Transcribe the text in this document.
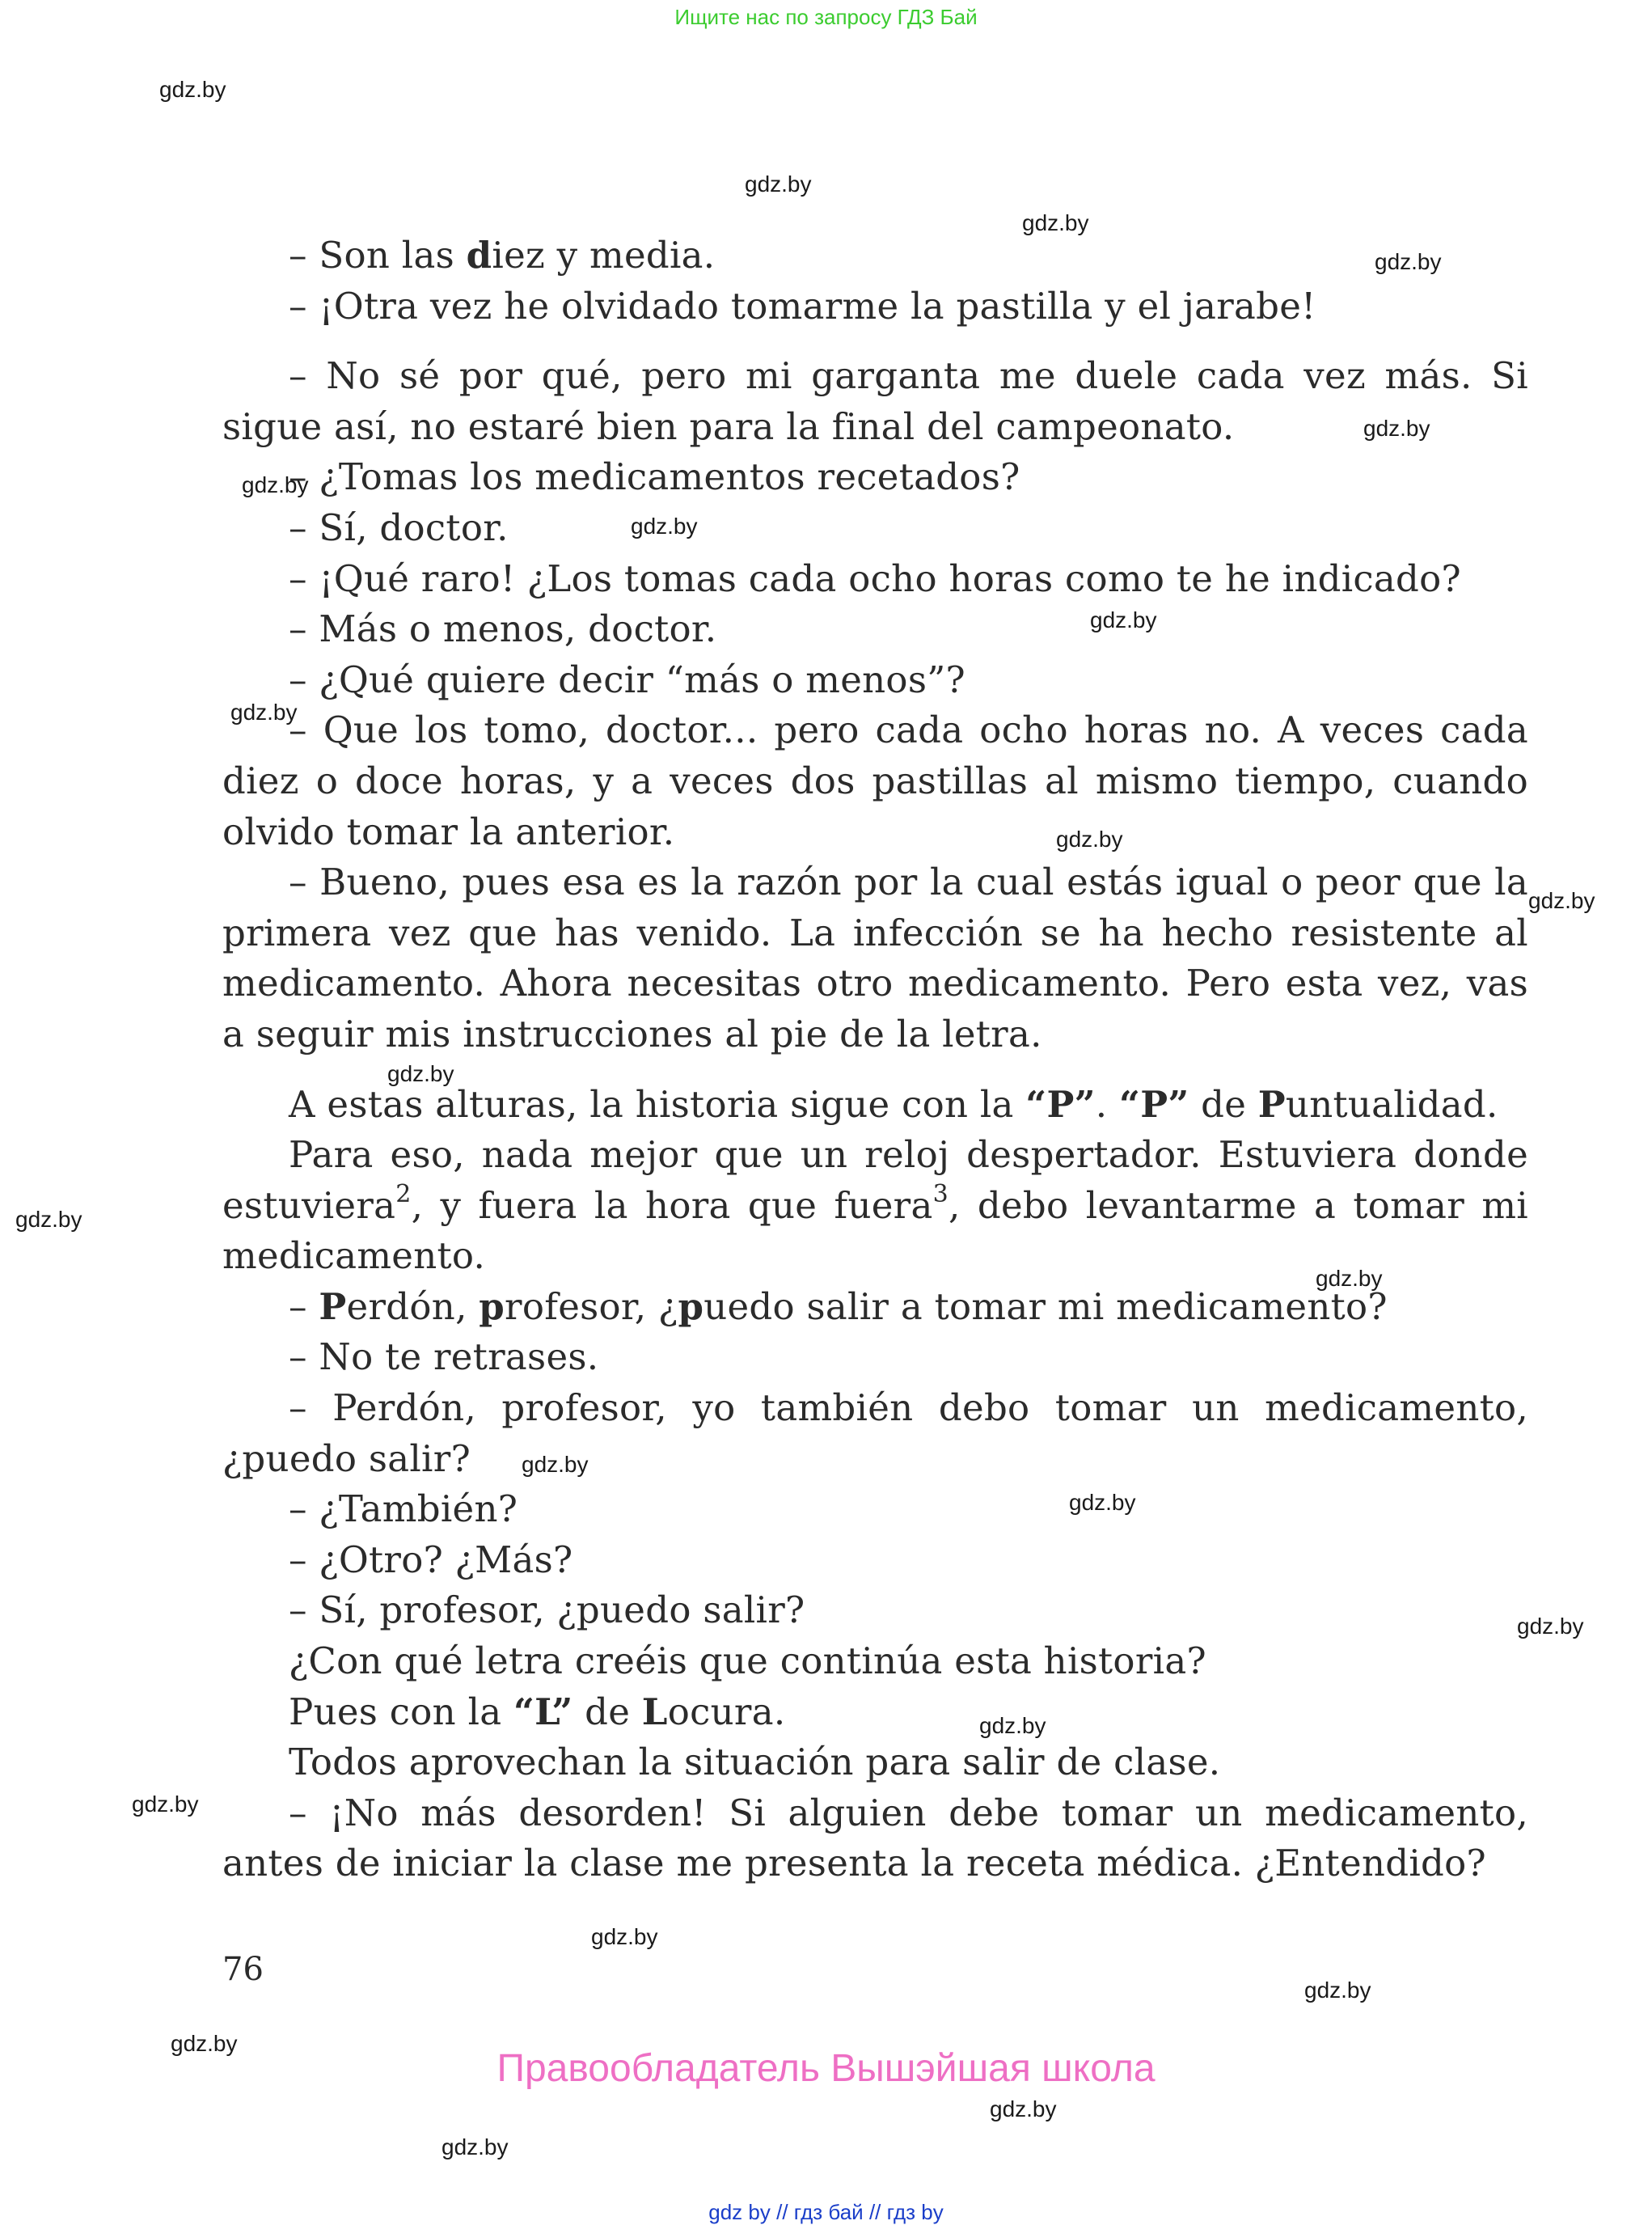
Ищите нас по запросу ГДЗ Бай
gdz.by
gdz.by
gdz.by
gdz.by
gdz.by
gdz.by
gdz.by
gdz.by
gdz.by
gdz.by
gdz.by
gdz.by
gdz.by
gdz.by
gdz.by
gdz.by
gdz.by
gdz.by
gdz.by
gdz.by
gdz.by
gdz.by
gdz.by
gdz.by

– Son las diez y media.

– ¡Otra vez he olvidado tomarme la pastilla y el jarabe!

– No sé por qué, pero mi garganta me duele cada vez más. Si sigue así, no estaré bien para la final del campeonato.

– ¿Tomas los medicamentos recetados?

– Sí, doctor.

– ¡Qué raro! ¿Los tomas cada ocho horas como te he indicado?

– Más o menos, doctor.

– ¿Qué quiere decir “más o menos”?

– Que los tomo, doctor... pero cada ocho horas no. A veces cada diez o doce horas, y a veces dos pastillas al mismo tiempo, cuando olvido tomar la anterior.

– Bueno, pues esa es la razón por la cual estás igual o peor que la primera vez que has venido. La infección se ha hecho resistente al medicamento. Ahora necesitas otro medicamento. Pero esta vez, vas a seguir mis instrucciones al pie de la letra.

A estas alturas, la historia sigue con la “P”. “P” de Puntualidad.

Para eso, nada mejor que un reloj despertador. Estuviera donde estuviera$^2$, y fuera la hora que fuera$^3$, debo levantarme a tomar mi medicamento.

– Perdón, profesor, ¿puedo salir a tomar mi medicamento?

– No te retrases.

– Perdón, profesor, yo también debo tomar un medicamento, ¿puedo salir?

– ¿También?

– ¿Otro? ¿Más?

– Sí, profesor, ¿puedo salir?

¿Con qué letra creéis que continúa esta historia?

Pues con la “L” de Locura.

Todos aprovechan la situación para salir de clase.

– ¡No más desorden! Si alguien debe tomar un medicamento, antes de iniciar la clase me presenta la receta médica. ¿Entendido?

76
Правообладатель Вышэйшая школа
gdz by // гдз бай // гдз by
